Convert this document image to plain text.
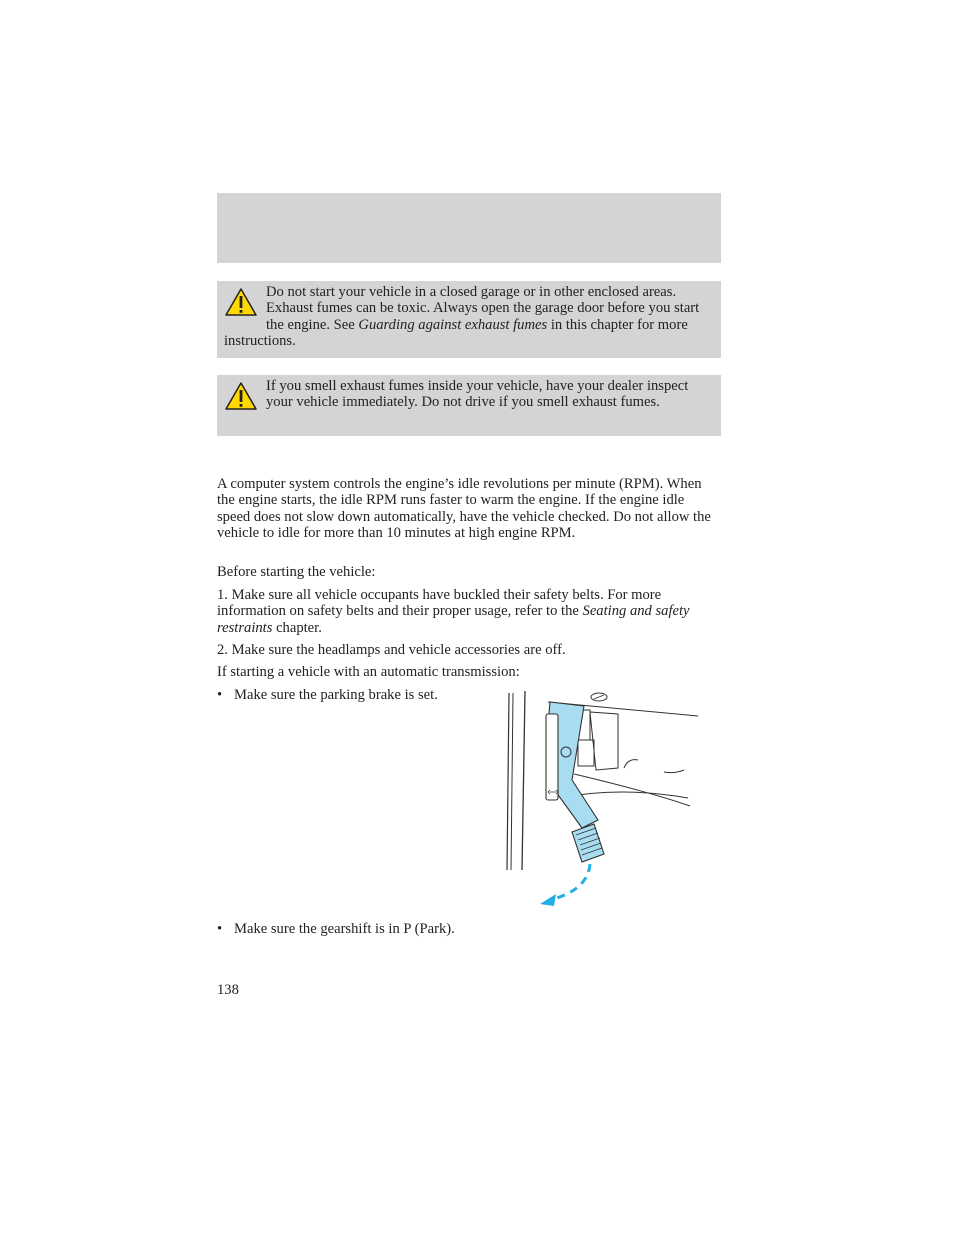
Do not start your vehicle in a closed garage or in other enclosed areas. Exhaust fumes can be toxic. Always open the garage door before you start the engine. See Guarding against exhaust fumes in this chapter for more instructions.
If you smell exhaust fumes inside your vehicle, have your dealer inspect your vehicle immediately. Do not drive if you smell exhaust fumes.

A computer system controls the engine’s idle revolutions per minute (RPM). When the engine starts, the idle RPM runs faster to warm the engine. If the engine idle speed does not slow down automatically, have the vehicle checked. Do not allow the vehicle to idle for more than 10 minutes at high engine RPM.

Before starting the vehicle:

1. Make sure all vehicle occupants have buckled their safety belts. For more information on safety belts and their proper usage, refer to the Seating and safety restraints chapter.

2. Make sure the headlamps and vehicle accessories are off.

If starting a vehicle with an automatic transmission:

• Make sure the parking brake is set.
• Make sure the gearshift is in P (Park).
138
